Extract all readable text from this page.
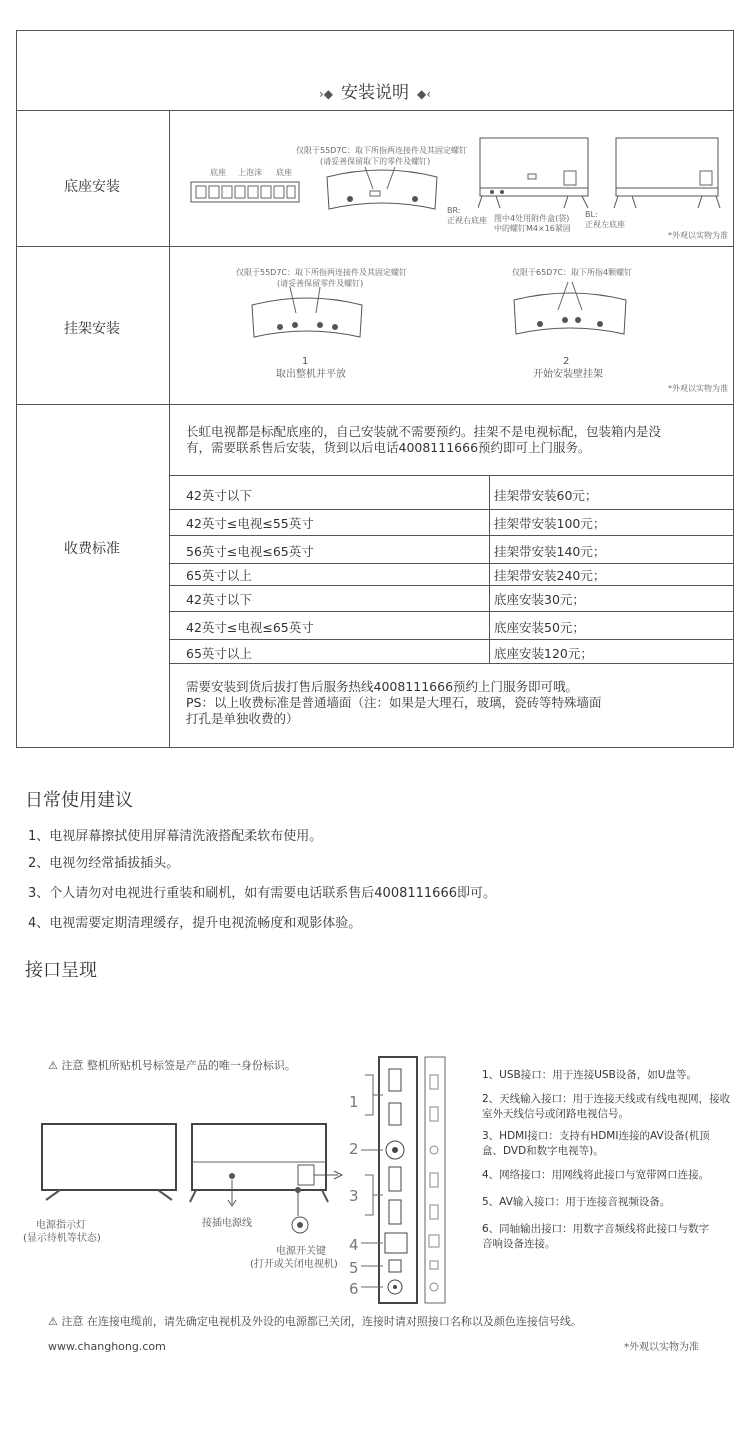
›◆ 安装说明 ◆‹
底座安装
底座 上泡沫 底座
仅限于55D7C：取下所指两连接件及其固定螺钉
(请妥善保留取下的零件及螺钉)
BR:
正视右底座 图中4处用附件盒(袋)
中的螺钉M4×16紧固
BL:
正视左底座
*外观以实物为准
挂架安装
仅限于55D7C：取下所指两连接件及其固定螺钉
(请妥善保留零件及螺钉)
1
取出整机并平放
仅限于65D7C：取下所指4颗螺钉
2
开始安装壁挂架
*外观以实物为准
收费标准
长虹电视都是标配底座的，自己安装就不需要预约。挂架不是电视标配，包装箱内是没有，需要联系售后安装，货到以后电话4008111666预约即可上门服务。
42英寸以下	挂架带安装60元；
42英寸≤电视≤55英寸	挂架带安装100元；
56英寸≤电视≤65英寸	挂架带安装140元；
65英寸以上	挂架带安装240元；
42英寸以下	底座安装30元；
42英寸≤电视≤65英寸	底座安装50元；
65英寸以上	底座安装120元；
需要安装到货后拔打售后服务热线4008111666预约上门服务即可哦。
PS：以上收费标准是普通墙面（注：如果是大理石，玻璃，瓷砖等特殊墙面
打孔是单独收费的）
日常使用建议
1、电视屏幕擦拭使用屏幕清洗液搭配柔软布使用。
2、电视勿经常插拔插头。
3、个人请勿对电视进行重装和刷机，如有需要电话联系售后4008111666即可。
4、电视需要定期清理缓存，提升电视流畅度和观影体验。
接口呈现
⚠ 注意 整机所贴机号标签是产品的唯一身份标识。
电源指示灯
(显示待机等状态)
接插电源线
电源开关键
(打开或关闭电视机)
1
2
3
4
5
6
1、USB接口：用于连接USB设备，如U盘等。
2、天线输入接口：用于连接天线或有线电视网，接收室外天线信号或闭路电视信号。
3、HDMI接口：支持有HDMI连接的AV设备(机顶盒、DVD和数字电视等)。
4、网络接口：用网线将此接口与宽带网口连接。
5、AV输入接口：用于连接音视频设备。
6、同轴输出接口：用数字音频线将此接口与数字音响设备连接。
⚠ 注意 在连接电缆前，请先确定电视机及外设的电源都已关闭，连接时请对照接口名称以及颜色连接信号线。
www.changhong.com	*外观以实物为准
